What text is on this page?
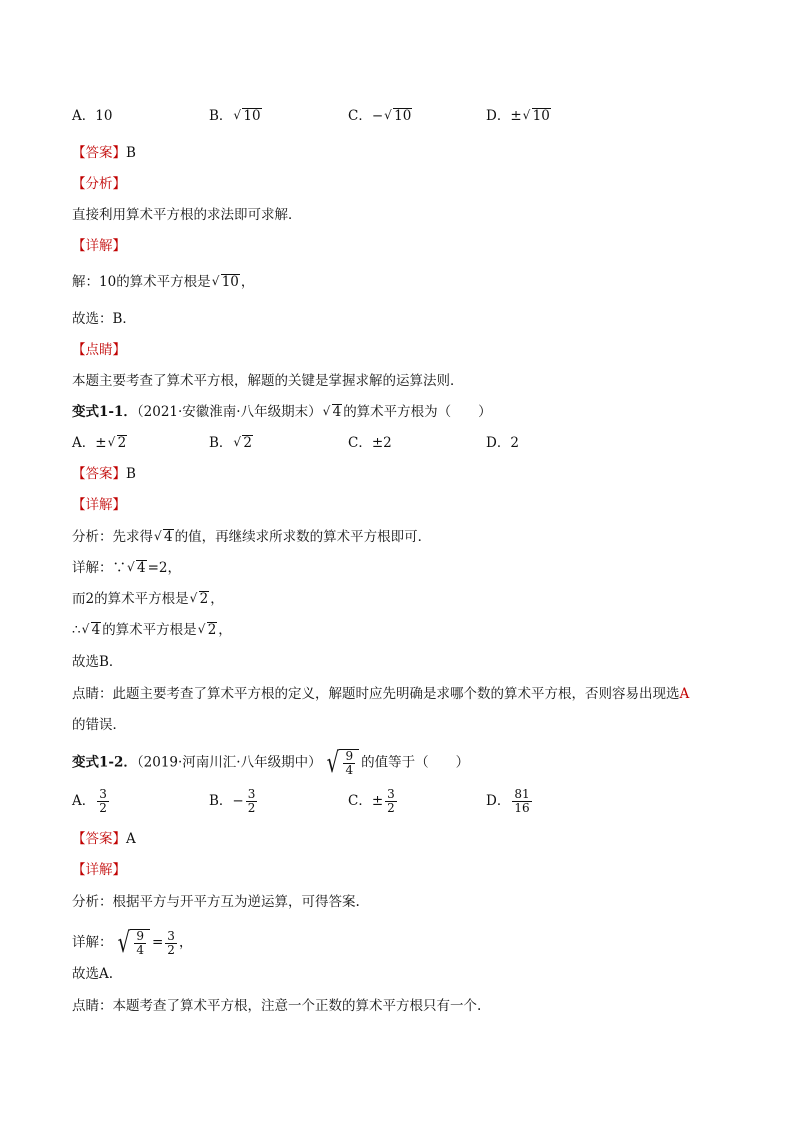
A．10	B． √ 10	C．− √ 10	D．± √ 10
【答案】B
【分析】
直接利用算术平方根的求法即可求解．
【详解】
解：10的算术平方根是 √ 10 ，
故选：B．
【点睛】
本题主要考查了算术平方根，解题的关键是掌握求解的运算法则．
变式1-1．（2021·安徽淮南·八年级期末） √ 4 的算术平方根为（　　）
A．± √ 2	B． √ 2	C．±2	D．2
【答案】B
【详解】
分析：先求得 √ 4 的值，再继续求所求数的算术平方根即可．
详解：∵ √ 4 =2，
而2的算术平方根是 √ 2 ，
∴ √ 4 的算术平方根是 √ 2 ，
故选B．
点睛：此题主要考查了算术平方根的定义，解题时应先明确是求哪个数的算术平方根，否则容易出现选A
的错误．
变式1-2．（2019·河南川汇·八年级期中） √ $\frac{9}{4}$ 的值等于（　　）
A． $\frac{3}{2}$	B．− $\frac{3}{2}$	C．± $\frac{3}{2}$	D． $\frac{81}{16}$
【答案】A
【详解】
分析：根据平方与开平方互为逆运算，可得答案.
详解： √ $\frac{9}{4} = \frac{3}{2}$ ，
故选A.
点睛：本题考查了算术平方根，注意一个正数的算术平方根只有一个.
